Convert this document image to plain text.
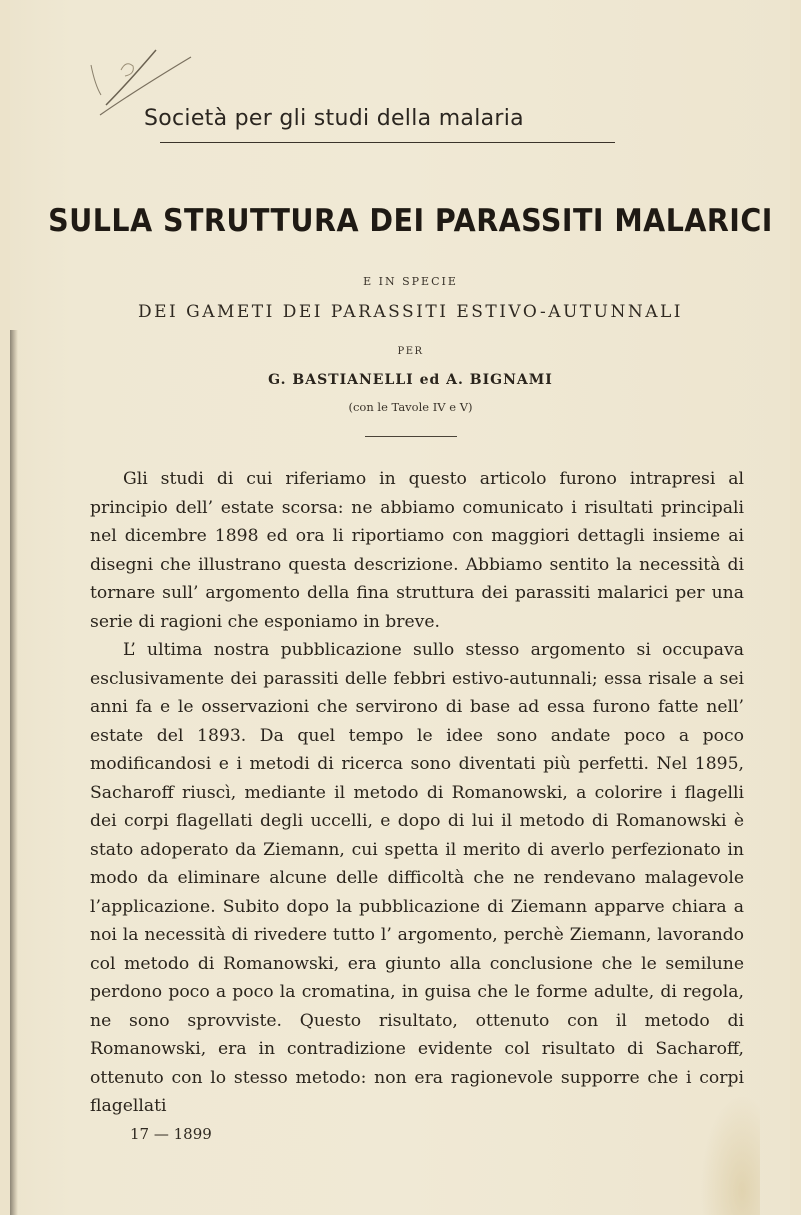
Società per gli studi della malaria
SULLA STRUTTURA DEI PARASSITI MALARICI
E IN SPECIE
DEI GAMETI DEI PARASSITI ESTIVO-AUTUNNALI
PER
G. BASTIANELLI ed A. BIGNAMI
(con le Tavole IV e V)

Gli studi di cui riferiamo in questo articolo furono intrapresi al principio dell’ estate scorsa: ne abbiamo comunicato i risultati principali nel dicembre 1898 ed ora li riportiamo con maggiori dettagli insieme ai disegni che illustrano questa descrizione. Abbiamo sentito la necessità di tornare sull’ argomento della fina struttura dei parassiti malarici per una serie di ragioni che esponiamo in breve.

L’ ultima nostra pubblicazione sullo stesso argomento si occupava esclusivamente dei parassiti delle febbri estivo-autunnali; essa risale a sei anni fa e le osservazioni che servirono di base ad essa furono fatte nell’ estate del 1893. Da quel tempo le idee sono andate poco a poco modificandosi e i metodi di ricerca sono diventati più perfetti. Nel 1895, Sacharoff riuscì, mediante il metodo di Romanowski, a colorire i flagelli dei corpi flagellati degli uccelli, e dopo di lui il metodo di Romanowski è stato adoperato da Ziemann, cui spetta il merito di averlo perfezionato in modo da eliminare alcune delle difficoltà che ne rendevano malagevole l’applicazione. Subito dopo la pubblicazione di Ziemann apparve chiara a noi la necessità di rivedere tutto l’ argomento, perchè Ziemann, lavorando col metodo di Romanowski, era giunto alla conclusione che le semilune perdono poco a poco la cromatina, in guisa che le forme adulte, di regola, ne sono sprovviste. Questo risultato, ottenuto con il metodo di Romanowski, era in contradizione evidente col risultato di Sacharoff, ottenuto con lo stesso metodo: non era ragionevole supporre che i corpi flagellati

17 — 1899
